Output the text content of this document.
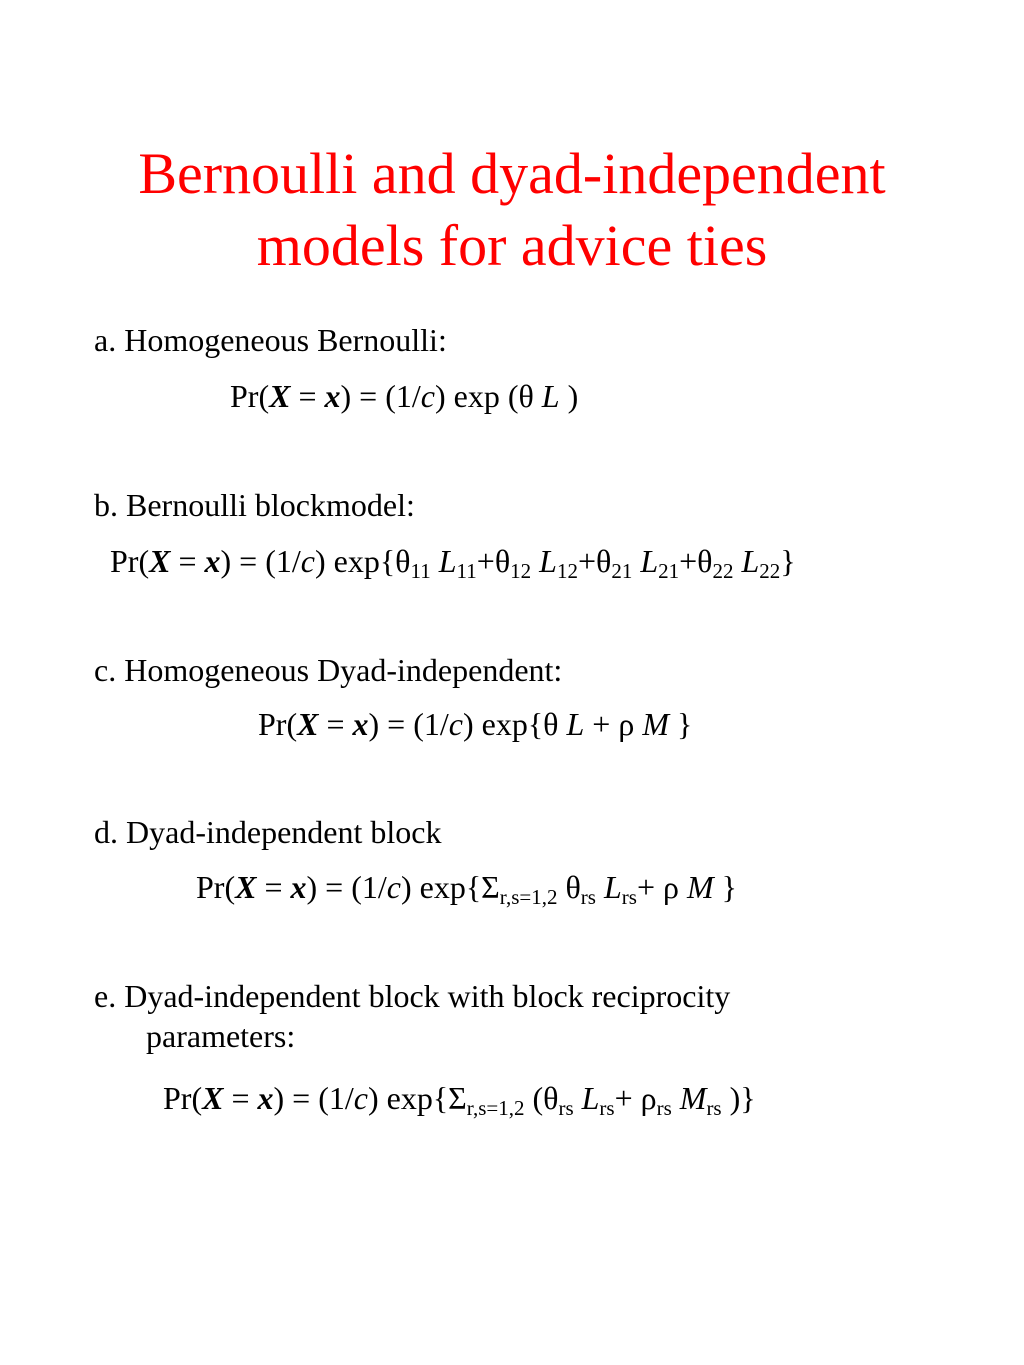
Bernoulli and dyad-independent
models for advice ties
a. Homogeneous Bernoulli:
Pr(X = x) = (1/c) exp (θ L )
b. Bernoulli blockmodel:
Pr(X = x) = (1/c) $\exp\{\theta_{11}$ $L_{11}+\theta_{12}$ $L_{12}+\theta_{21}$ $L_{21}+\theta_{22}$ $L_{22}$}
c. Homogeneous Dyad-independent:
Pr(X = x) = (1/c) exp{θ L + ρ M }
d. Dyad-independent block
Pr(X = x) = (1/c) $\exp\{\Sigma_{r,s=1,2}$ $\theta_{rs}$ $L_{rs}+ \rho$ M }
e. Dyad-independent block with block reciprocity
parameters:
Pr(X = x) = (1/c) $\exp\{\Sigma_{r,s=1,2}$ ($\theta_{rs}$ $L_{rs}+ \rho_{rs}$ $M_{rs}$ )}
